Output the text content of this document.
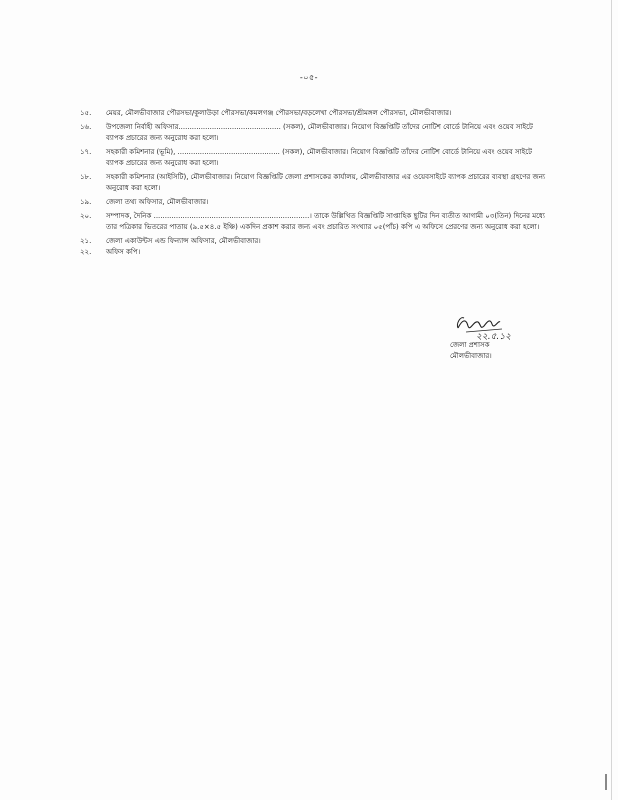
-০৫-
১৫.	মেয়র, মৌলভীবাজার পৌরসভা/কুলাউড়া পৌরসভা/কমলগঞ্জ পৌরসভা/বড়লেখা পৌরসভা/শ্রীমঙ্গল পৌরসভা, মৌলভীবাজার।
১৬.	উপজেলা নির্বাহী অফিসার.............................................. (সকল), মৌলভীবাজার। নিয়োগ বিজ্ঞপ্তিটি তাঁদের নোটিশ বোর্ডে টানিয়ে এবং ওয়েব সাইটে ব্যাপক প্রচারের জন্য অনুরোধ করা হলো।
১৭.	সহকারী কমিশনার (ভূমি), .............................................. (সকল), মৌলভীবাজার। নিয়োগ বিজ্ঞপ্তিটি তাঁদের নোটিশ বোর্ডে টানিয়ে এবং ওয়েব সাইটে ব্যাপক প্রচারের জন্য অনুরোধ করা হলো।
১৮.	সহকারী কমিশনার (আইসিটি), মৌলভীবাজার। নিয়োগ বিজ্ঞপ্তিটি জেলা প্রশাসকের কার্যালয়, মৌলভীবাজার এর ওয়েবসাইটে ব্যাপক প্রচারের ব্যবস্থা গ্রহণের জন্য অনুরোধ করা হলো।
১৯.	জেলা তথ্য অফিসার, মৌলভীবাজার।
২০.	সম্পাদক, দৈনিক ......................................................................। তাকে উল্লিখিত বিজ্ঞপ্তিটি সাপ্তাহিক ছুটির দিন ব্যতীত আগামী ০৩(তিন) দিনের মধ্যে তার পত্রিকার ভিতরের পাতায় (৯.৫×৪.৫ ইঞ্চি) একদিন প্রকাশ করার জন্য এবং প্রচারিত সংখ্যার ০৫(পাঁচ) কপি এ অফিসে প্রেরণের জন্য অনুরোধ করা হলো।
২১.	জেলা একাউন্টস এন্ড ফিন্যান্স অফিসার, মৌলভীবাজার।
২২.	অফিস কপি।
২২.৫.১২
জেলা প্রশাসক
মৌলভীবাজার।
